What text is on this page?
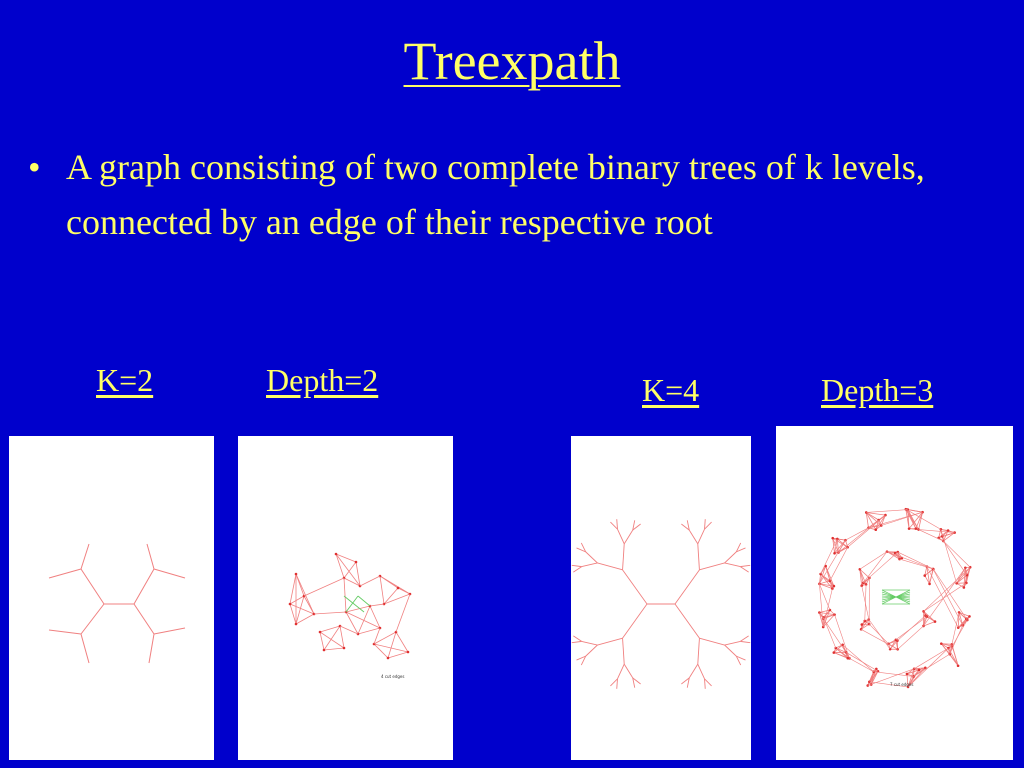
Treexpath
• A graph consisting of two complete binary trees of k levels, connected by an edge of their respective root
K=2	Depth=2	K=4	Depth=3
4 cut edges
7 cut edges
